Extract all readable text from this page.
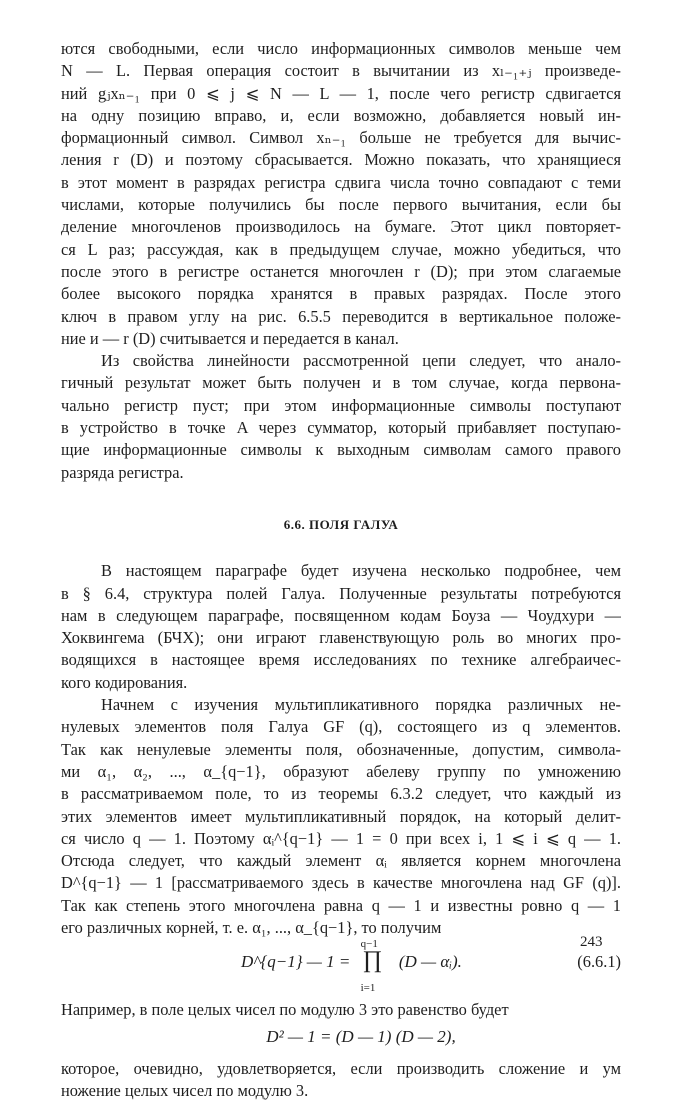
ются свободными, если число информационных символов меньше чем
N — L. Первая операция состоит в вычитании из xₗ₋₁₊ⱼ произведе-
ний gⱼxₙ₋₁ при 0 ⩽ j ⩽ N — L — 1, после чего регистр сдвигается
на одну позицию вправо, и, если возможно, добавляется новый ин-
формационный символ. Символ xₙ₋₁ больше не требуется для вычис-
ления r (D) и поэтому сбрасывается. Можно показать, что хранящиеся
в этот момент в разрядах регистра сдвига числа точно совпадают с теми
числами, которые получились бы после первого вычитания, если бы
деление многочленов производилось на бумаге. Этот цикл повторяет-
ся L раз; рассуждая, как в предыдущем случае, можно убедиться, что
после этого в регистре останется многочлен r (D); при этом слагаемые
более высокого порядка хранятся в правых разрядах. После этого
ключ в правом углу на рис. 6.5.5 переводится в вертикальное положе-
ние и — r (D) считывается и передается в канал.
Из свойства линейности рассмотренной цепи следует, что анало-
гичный результат может быть получен и в том случае, когда первона-
чально регистр пуст; при этом информационные символы поступают
в устройство в точке A через сумматор, который прибавляет поступаю-
щие информационные символы к выходным символам самого правого
разряда регистра.
6.6. ПОЛЯ ГАЛУА
В настоящем параграфе будет изучена несколько подробнее, чем
в § 6.4, структура полей Галуа. Полученные результаты потребуются
нам в следующем параграфе, посвященном кодам Боуза — Чоудхури —
Хоквингема (БЧХ); они играют главенствующую роль во многих про-
водящихся в настоящее время исследованиях по технике алгебраичес-
кого кодирования.
Начнем с изучения мультипликативного порядка различных не-
нулевых элементов поля Галуа GF (q), состоящего из q элементов.
Так как ненулевые элементы поля, обозначенные, допустим, символа-
ми α₁, α₂, ..., α_{q−1}, образуют абелеву группу по умножению
в рассматриваемом поле, то из теоремы 6.3.2 следует, что каждый из
этих элементов имеет мультипликативный порядок, на который делит-
ся число q — 1. Поэтому αᵢ^{q−1} — 1 = 0 при всех i, 1 ⩽ i ⩽ q — 1.
Отсюда следует, что каждый элемент αᵢ является корнем многочлена
D^{q−1} — 1 [рассматриваемого здесь в качестве многочлена над GF (q)].
Так как степень этого многочлена равна q — 1 и известны ровно q — 1
его различных корней, т. е. α₁, ..., α_{q−1}, то получим
D^{q−1} — 1 =
q−1
∏
i=1
(D — αᵢ).	(6.6.1)
Например, в поле целых чисел по модулю 3 это равенство будет
D² — 1 = (D — 1) (D — 2),
которое, очевидно, удовлетворяется, если производить сложение и ум
ножение целых чисел по модулю 3.
243
